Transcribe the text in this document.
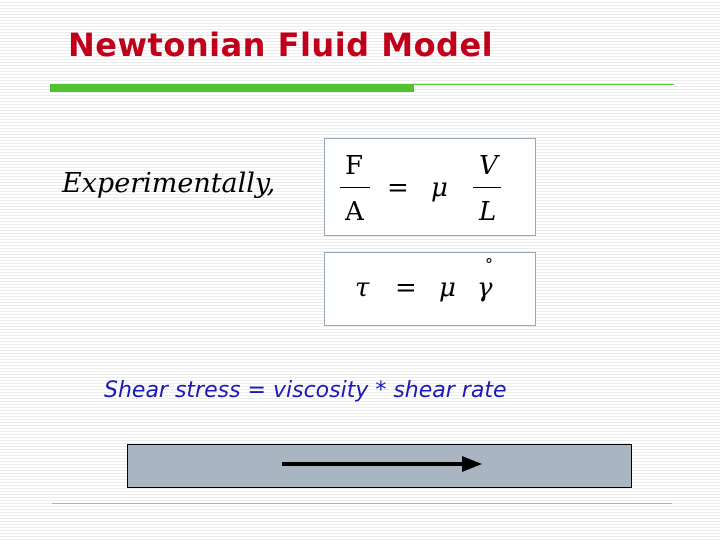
Newtonian Fluid Model
Experimentally,
F
A
= μ
V
L
τ = μ γ
°
Shear stress = viscosity * shear rate
